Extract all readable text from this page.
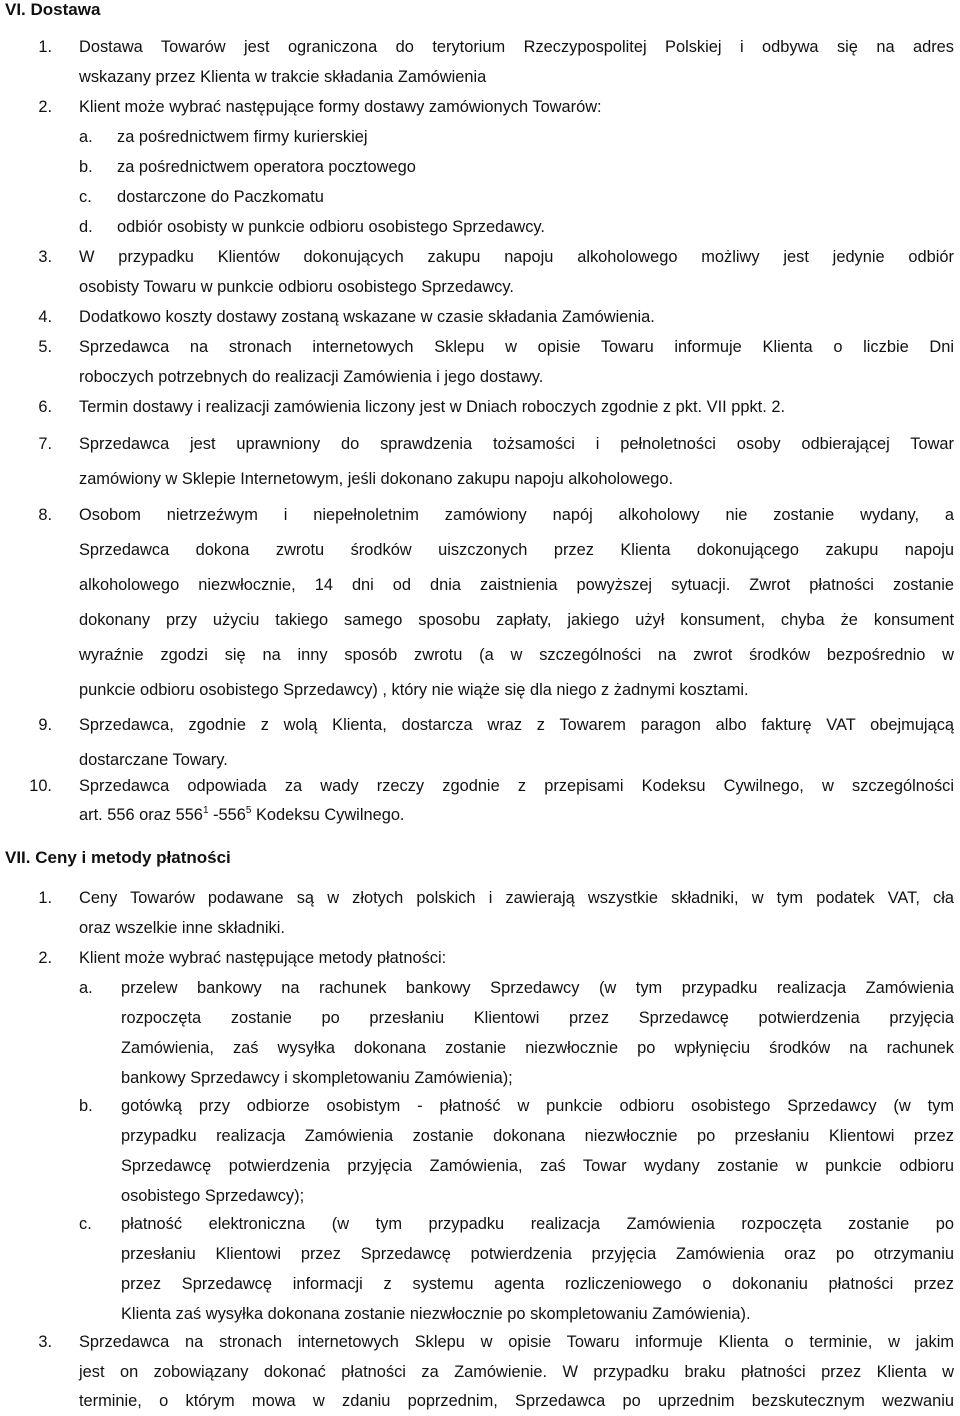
VI. Dostawa
1. Dostawa Towarów jest ograniczona do terytorium Rzeczypospolitej Polskiej i odbywa się na adres
wskazany przez Klienta w trakcie składania Zamówienia
2. Klient może wybrać następujące formy dostawy zamówionych Towarów:
a. za pośrednictwem firmy kurierskiej
b. za pośrednictwem operatora pocztowego
c. dostarczone do Paczkomatu
d. odbiór osobisty w punkcie odbioru osobistego Sprzedawcy.
3. W przypadku Klientów dokonujących zakupu napoju alkoholowego możliwy jest jedynie odbiór
osobisty Towaru w punkcie odbioru osobistego Sprzedawcy.
4. Dodatkowo koszty dostawy zostaną wskazane w czasie składania Zamówienia.
5. Sprzedawca na stronach internetowych Sklepu w opisie Towaru informuje Klienta o liczbie Dni
roboczych potrzebnych do realizacji Zamówienia i jego dostawy.
6. Termin dostawy i realizacji zamówienia liczony jest w Dniach roboczych zgodnie z pkt. VII ppkt. 2.
7. Sprzedawca jest uprawniony do sprawdzenia tożsamości i pełnoletności osoby odbierającej Towar
zamówiony w Sklepie Internetowym, jeśli dokonano zakupu napoju alkoholowego.
8. Osobom nietrzeźwym i niepełnoletnim zamówiony napój alkoholowy nie zostanie wydany, a
Sprzedawca dokona zwrotu środków uiszczonych przez Klienta dokonującego zakupu napoju
alkoholowego niezwłocznie, 14 dni od dnia zaistnienia powyższej sytuacji. Zwrot płatności zostanie
dokonany przy użyciu takiego samego sposobu zapłaty, jakiego użył konsument, chyba że konsument
wyraźnie zgodzi się na inny sposób zwrotu (a w szczególności na zwrot środków bezpośrednio w
punkcie odbioru osobistego Sprzedawcy) , który nie wiąże się dla niego z żadnymi kosztami.
9. Sprzedawca, zgodnie z wolą Klienta, dostarcza wraz z Towarem paragon albo fakturę VAT obejmującą
dostarczane Towary.
10. Sprzedawca odpowiada za wady rzeczy zgodnie z przepisami Kodeksu Cywilnego, w szczególności
art. 556 oraz $556^1$ $-556^5$ Kodeksu Cywilnego.
VII. Ceny i metody płatności
1. Ceny Towarów podawane są w złotych polskich i zawierają wszystkie składniki, w tym podatek VAT, cła
oraz wszelkie inne składniki.
2. Klient może wybrać następujące metody płatności:
a. przelew bankowy na rachunek bankowy Sprzedawcy (w tym przypadku realizacja Zamówienia
rozpoczęta zostanie po przesłaniu Klientowi przez Sprzedawcę potwierdzenia przyjęcia
Zamówienia, zaś wysyłka dokonana zostanie niezwłocznie po wpłynięciu środków na rachunek
bankowy Sprzedawcy i skompletowaniu Zamówienia);
b. gotówką przy odbiorze osobistym - płatność w punkcie odbioru osobistego Sprzedawcy (w tym
przypadku realizacja Zamówienia zostanie dokonana niezwłocznie po przesłaniu Klientowi przez
Sprzedawcę potwierdzenia przyjęcia Zamówienia, zaś Towar wydany zostanie w punkcie odbioru
osobistego Sprzedawcy);
c. płatność elektroniczna (w tym przypadku realizacja Zamówienia rozpoczęta zostanie po
przesłaniu Klientowi przez Sprzedawcę potwierdzenia przyjęcia Zamówienia oraz po otrzymaniu
przez Sprzedawcę informacji z systemu agenta rozliczeniowego o dokonaniu płatności przez
Klienta zaś wysyłka dokonana zostanie niezwłocznie po skompletowaniu Zamówienia).
3. Sprzedawca na stronach internetowych Sklepu w opisie Towaru informuje Klienta o terminie, w jakim
jest on zobowiązany dokonać płatności za Zamówienie. W przypadku braku płatności przez Klienta w
terminie, o którym mowa w zdaniu poprzednim, Sprzedawca po uprzednim bezskutecznym wezwaniu
